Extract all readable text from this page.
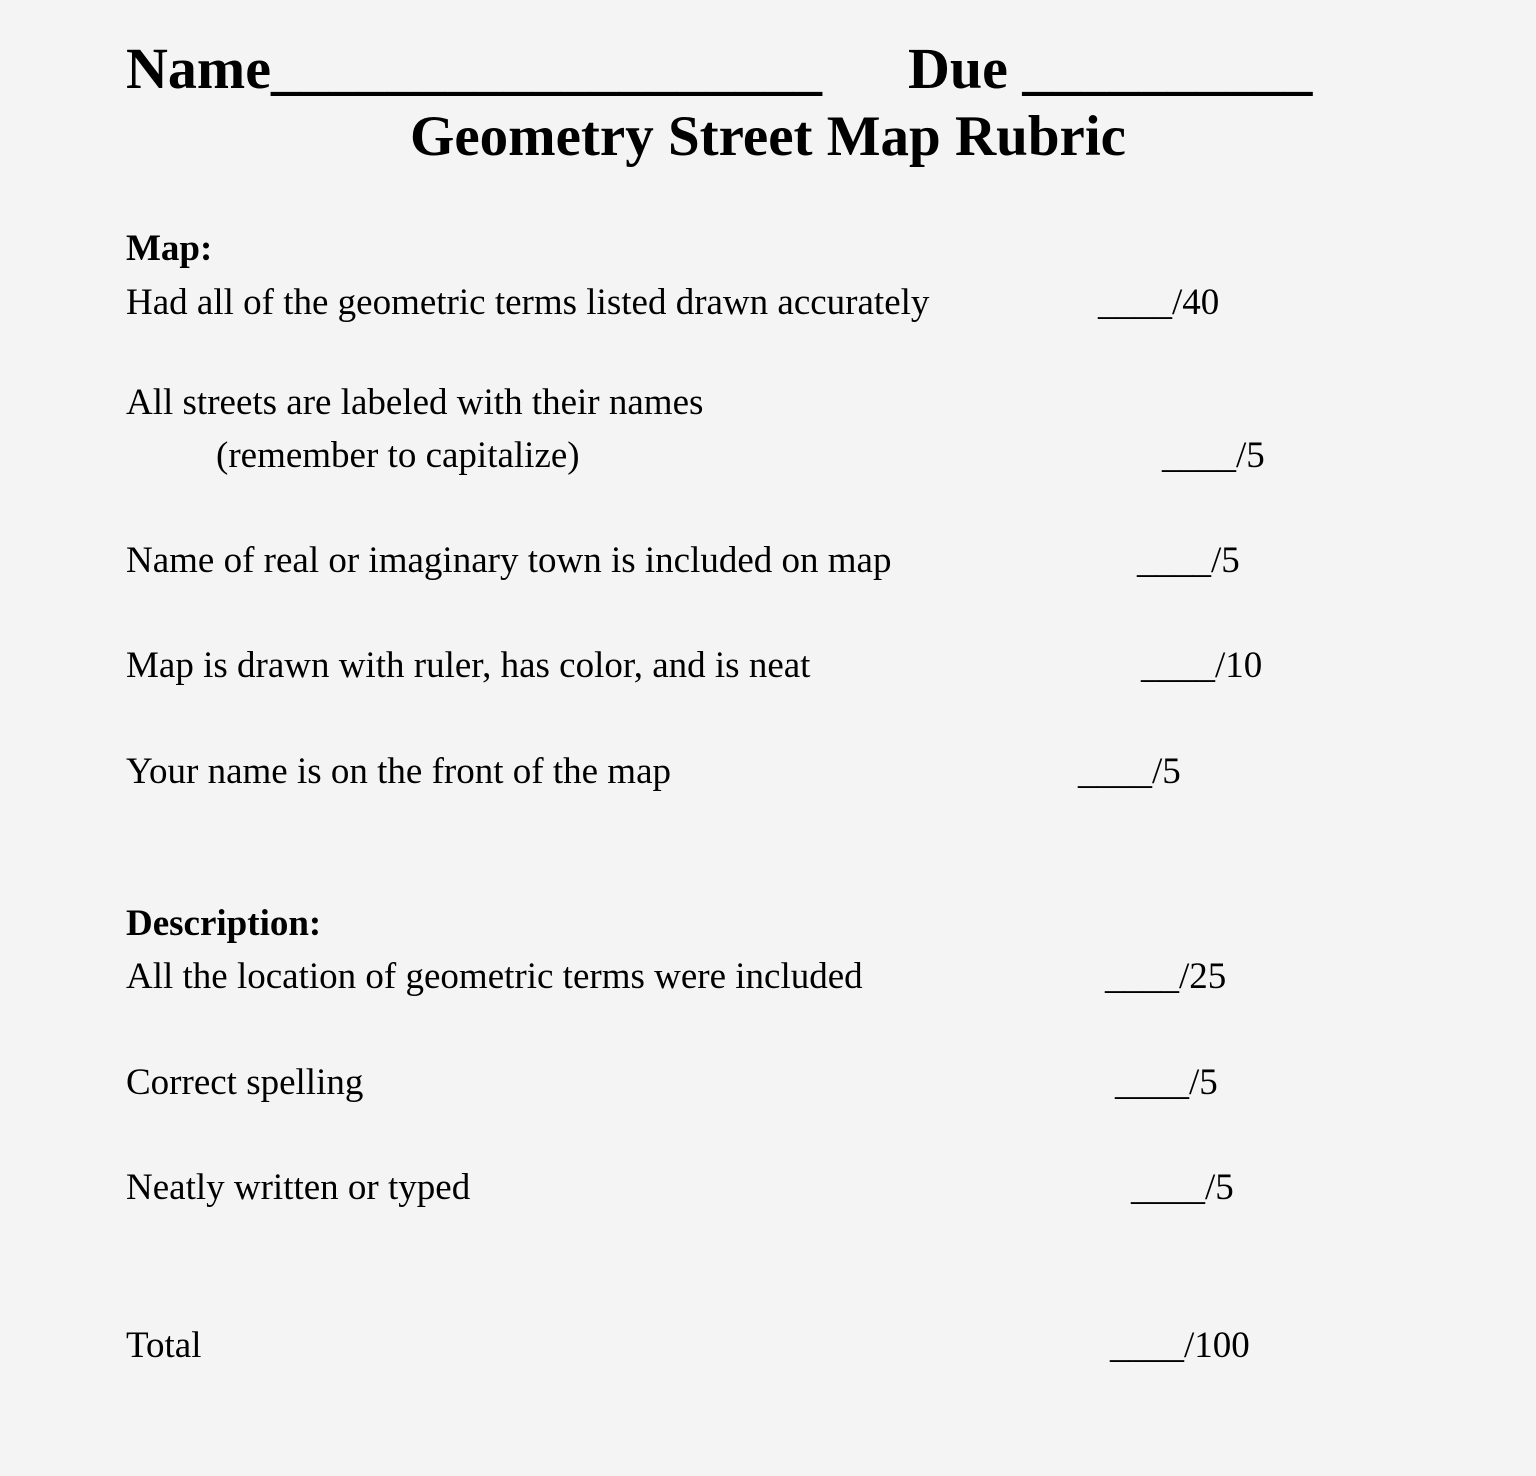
Name___________________ Due __________
Geometry Street Map Rubric
Map:
Had all of the geometric terms listed drawn accurately	____/40
All streets are labeled with their names
(remember to capitalize)	____/5
Name of real or imaginary town is included on map	____/5
Map is drawn with ruler, has color, and is neat	____/10
Your name is on the front of the map	____/5
Description:
All the location of geometric terms were included	____/25
Correct spelling	____/5
Neatly written or typed	____/5
Total	____/100
